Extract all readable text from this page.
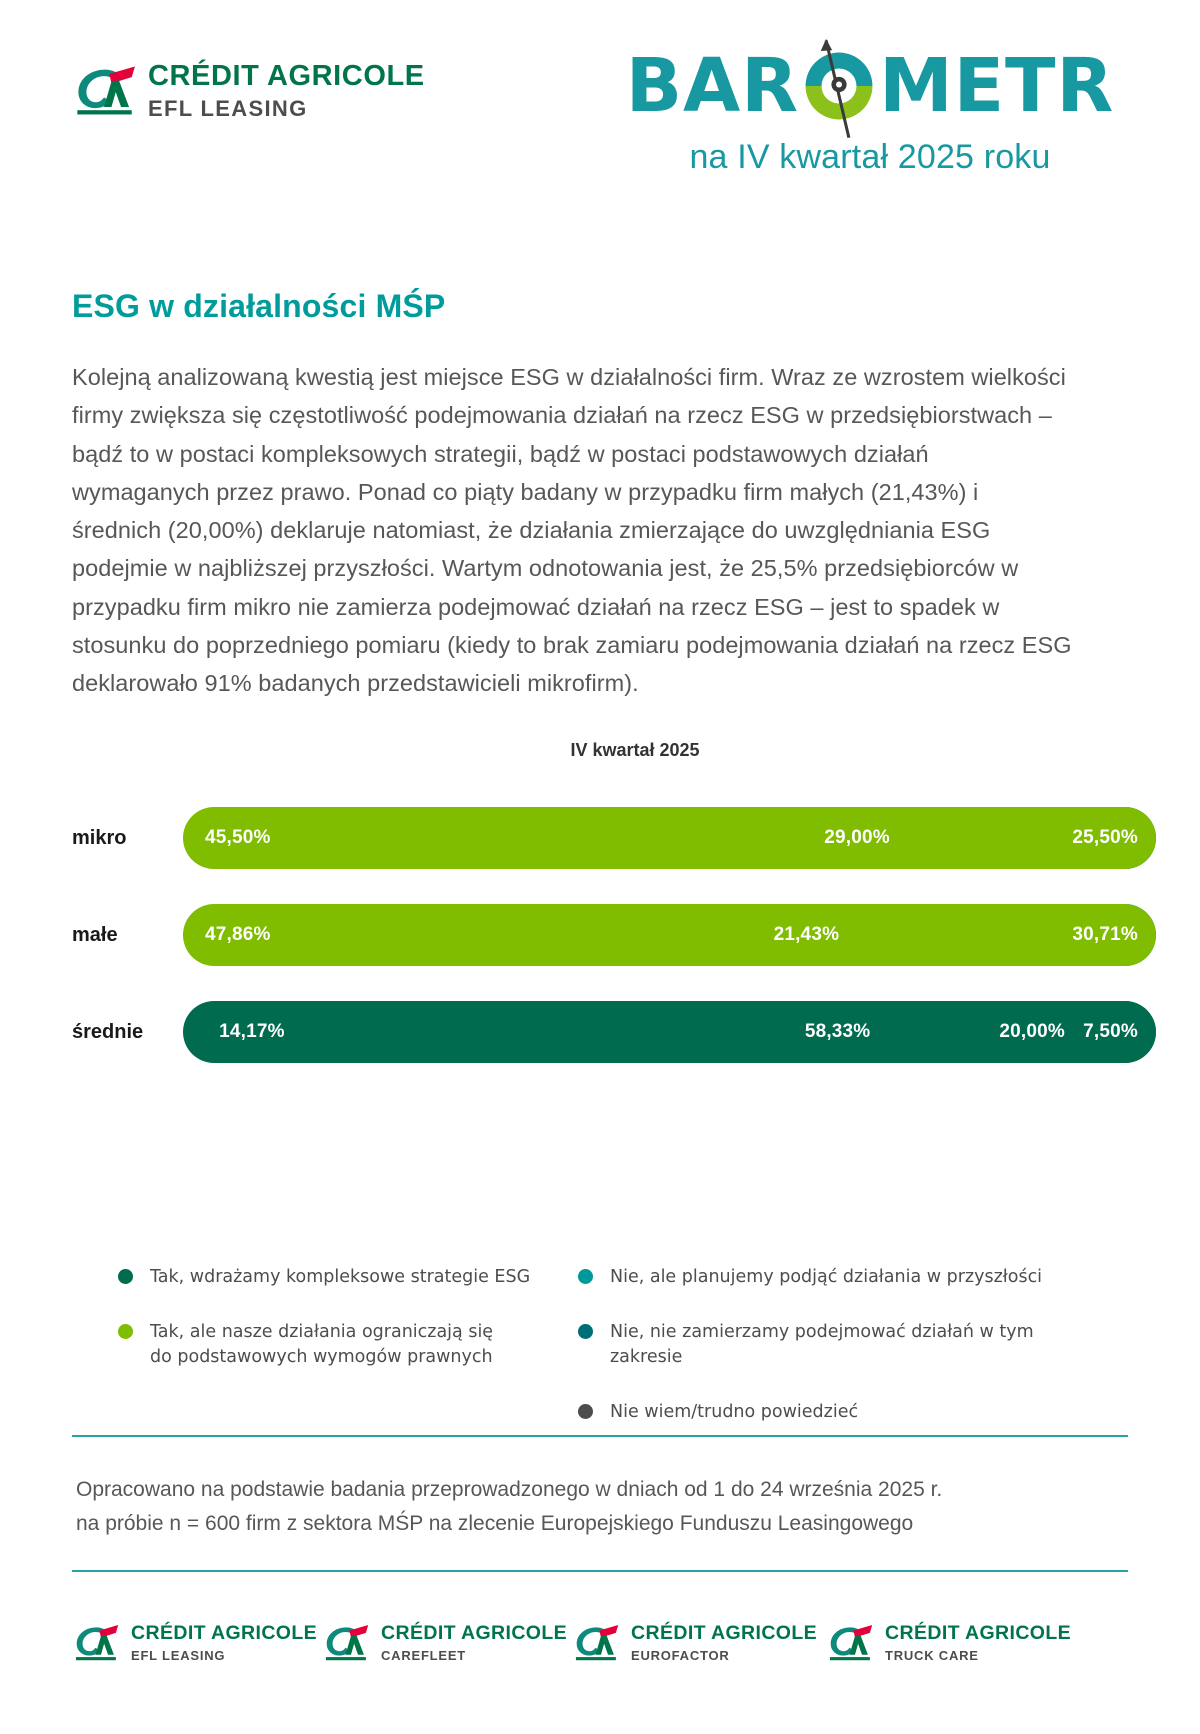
CRÉDIT AGRICOLE
EFL LEASING	BAR METR
na IV kwartał 2025 roku
ESG w działalności MŚP
Kolejną analizowaną kwestią jest miejsce ESG w działalności firm. Wraz ze wzrostem wielkości firmy zwiększa się częstotliwość podejmowania działań na rzecz ESG w przedsiębiorstwach – bądź to w postaci kompleksowych strategii, bądź w postaci podstawowych działań wymaganych przez prawo. Ponad co piąty badany w przypadku firm małych (21,43%) i średnich (20,00%) deklaruje natomiast, że działania zmierzające do uwzględniania ESG podejmie w najbliższej przyszłości. Wartym odnotowania jest, że 25,5% przedsiębiorców w przypadku firm mikro nie zamierza podejmować działań na rzecz ESG – jest to spadek w stosunku do poprzedniego pomiaru (kiedy to brak zamiaru podejmowania działań na rzecz ESG deklarowało 91% badanych przedstawicieli mikrofirm).
IV kwartał 2025
mikro	45,50%	29,00%	25,50%
małe	47,86%	21,43%	30,71%
średnie	14,17%	58,33%	20,00% 7,50%
Tak, wdrażamy kompleksowe strategie ESG
Tak, ale nasze działania ograniczają się
do podstawowych wymogów prawnych
Nie, ale planujemy podjąć działania w przyszłości
Nie, nie zamierzamy podejmować działań w tym zakresie
Nie wiem/trudno powiedzieć
Opracowano na podstawie badania przeprowadzonego w dniach od 1 do 24 września 2025 r.
na próbie n = 600 firm z sektora MŚP na zlecenie Europejskiego Funduszu Leasingowego
CRÉDIT AGRICOLE
EFL LEASING
CRÉDIT AGRICOLE
CAREFLEET
CRÉDIT AGRICOLE
EUROFACTOR
CRÉDIT AGRICOLE
TRUCK CARE
